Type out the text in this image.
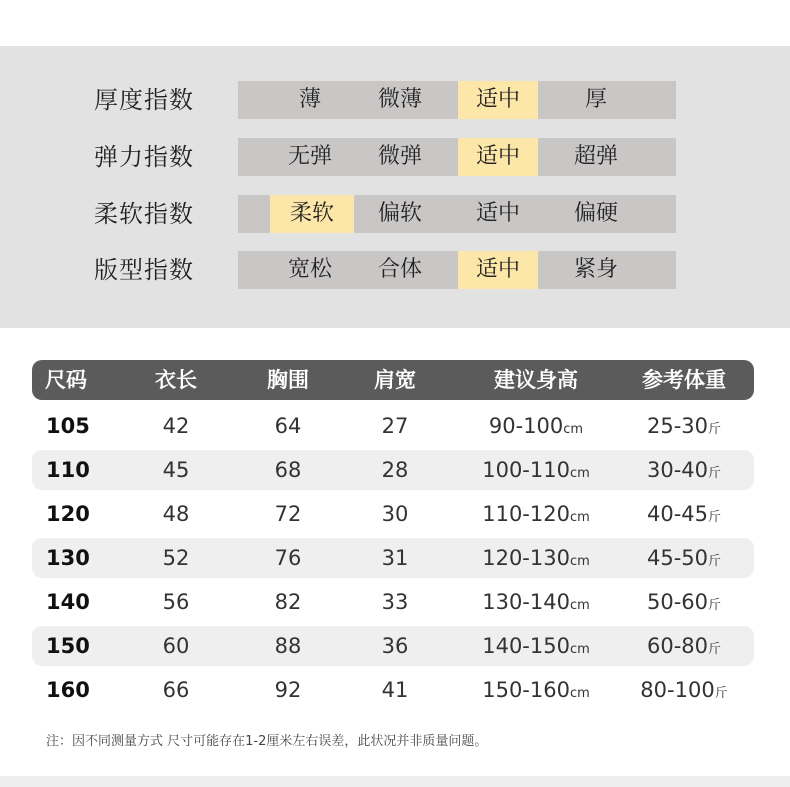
厚度指数	薄	微薄	适中	厚
弹力指数	无弹	微弹	适中	超弹
柔软指数	柔软	偏软	适中	偏硬
版型指数	宽松	合体	适中	紧身
尺码	衣长	胸围	肩宽	建议身高	参考体重
105	42	64	27	90-100cm	25-30斤
110	45	68	28	100-110cm	30-40斤
120	48	72	30	110-120cm	40-45斤
130	52	76	31	120-130cm	45-50斤
140	56	82	33	130-140cm	50-60斤
150	60	88	36	140-150cm	60-80斤
160	66	92	41	150-160cm	80-100斤
注：因不同测量方式 尺寸可能存在1-2厘米左右误差，此状况并非质量问题。
